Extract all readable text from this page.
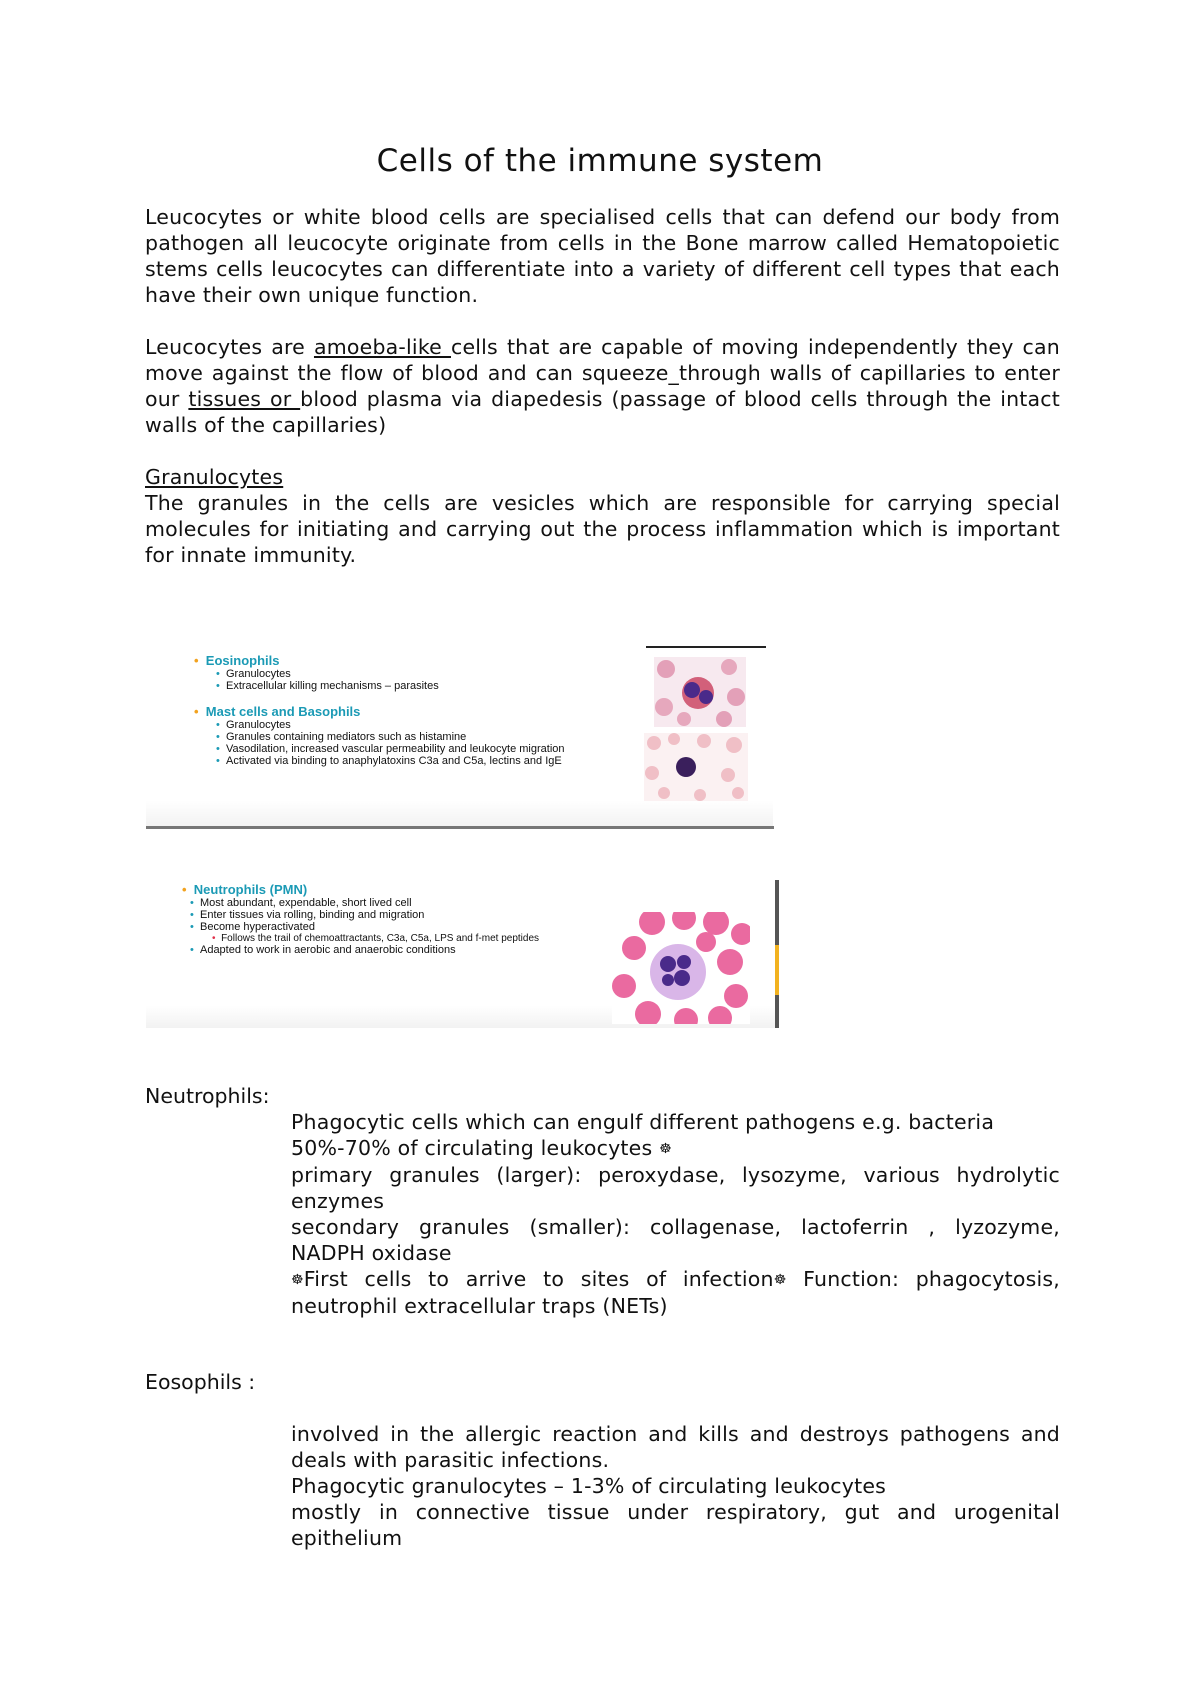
Cells of the immune system
Leucocytes or white blood cells are specialised cells that can defend our body from pathogen all leucocyte originate from cells in the Bone marrow called Hematopoietic stems cells leucocytes can differentiate into a variety of different cell types that each have their own unique function.
Leucocytes are amoeba-like cells that are capable of moving independently they can move against the flow of blood and can squeeze_through walls of capillaries to enter our tissues or blood plasma via diapedesis (passage of blood cells through the intact walls of the capillaries)
Granulocytes
The granules in the cells are vesicles which are responsible for carrying special molecules for initiating and carrying out the process inflammation which is important for innate immunity.
• Eosinophils
• Granulocytes
• Extracellular killing mechanisms – parasites
• Mast cells and Basophils
• Granulocytes
• Granules containing mediators such as histamine
• Vasodilation, increased vascular permeability and leukocyte migration
• Activated via binding to anaphylatoxins C3a and C5a, lectins and IgE
• Neutrophils (PMN)
• Most abundant, expendable, short lived cell
• Enter tissues via rolling, binding and migration
• Become hyperactivated
• Follows the trail of chemoattractants, C3a, C5a, LPS and f-met peptides
• Adapted to work in aerobic and anaerobic conditions
Neutrophils:
Phagocytic cells which can engulf different pathogens e.g. bacteria
50%-70% of circulating leukocytes ☸
primary granules (larger): peroxydase, lysozyme, various hydrolytic enzymes
secondary granules (smaller): collagenase, lactoferrin , lyzozyme, NADPH oxidase
☸First cells to arrive to sites of infection☸ Function: phagocytosis, neutrophil extracellular traps (NETs)
Eosophils :
involved in the allergic reaction and kills and destroys pathogens and deals with parasitic infections.
Phagocytic granulocytes – 1-3% of circulating leukocytes
mostly in connective tissue under respiratory, gut and urogenital epithelium
